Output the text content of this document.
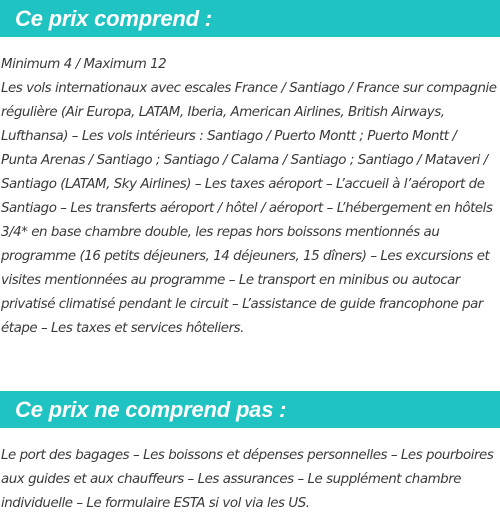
Ce prix comprend :

Minimum 4 / Maximum 12
Les vols internationaux avec escales France / Santiago / France sur compagnie
régulière (Air Europa, LATAM, Iberia, American Airlines, British Airways,
Lufthansa) – Les vols intérieurs : Santiago / Puerto Montt ; Puerto Montt /
Punta Arenas / Santiago ; Santiago / Calama / Santiago ; Santiago / Mataveri /
Santiago (LATAM, Sky Airlines) – Les taxes aéroport – L’accueil à l’aéroport de
Santiago – Les transferts aéroport / hôtel / aéroport – L’hébergement en hôtels
3/4* en base chambre double, les repas hors boissons mentionnés au
programme (16 petits déjeuners, 14 déjeuners, 15 dîners) – Les excursions et
visites mentionnées au programme – Le transport en minibus ou autocar
privatisé climatisé pendant le circuit – L’assistance de guide francophone par
étape – Les taxes et services hôteliers.

Ce prix ne comprend pas :

Le port des bagages – Les boissons et dépenses personnelles – Les pourboires
aux guides et aux chauffeurs – Les assurances – Le supplément chambre
individuelle – Le formulaire ESTA si vol via les US.
